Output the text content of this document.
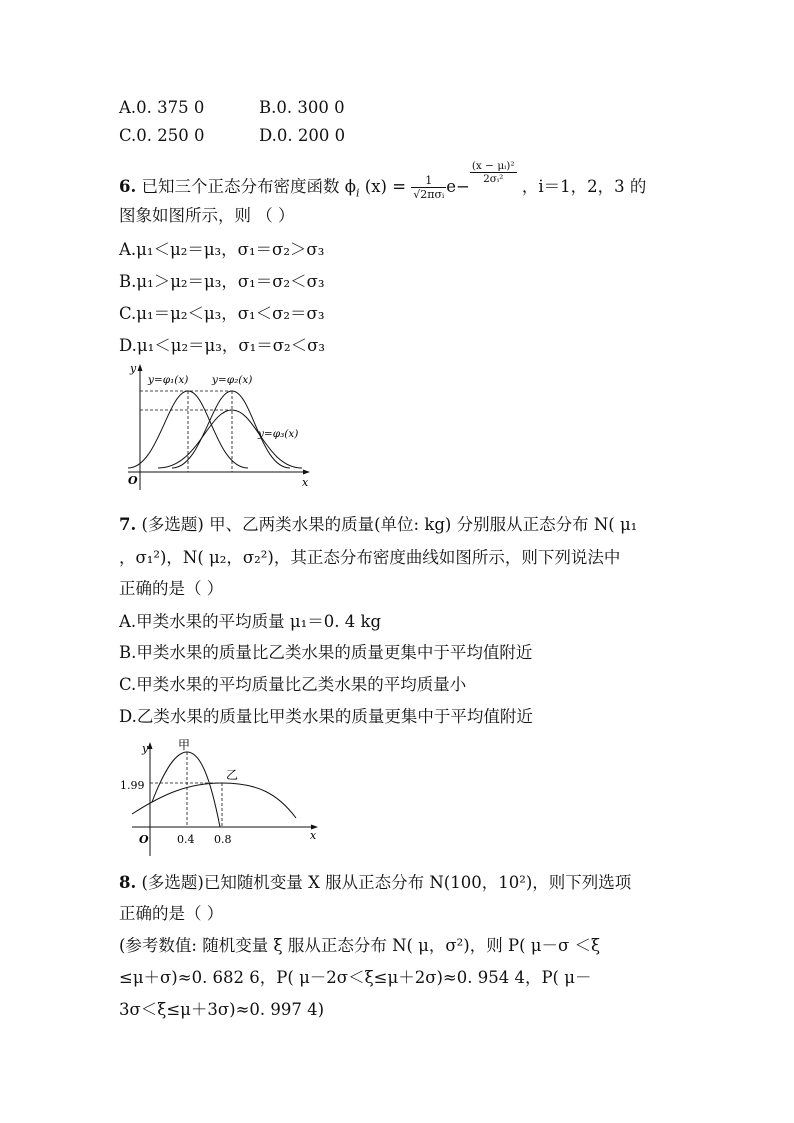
A.0. 375 0	B.0. 300 0
C.0. 250 0	D.0. 200 0
6. 已知三个正态分布密度函数 $\phi_i$ $(x) = \frac{1}{\text{√2πσᵢ}} e-$
$\frac{\text{(x − μᵢ)²}}{\text{2σᵢ²}}$
，i＝1，2，3 的
图象如图所示，则 （ ）
A.μ₁＜μ₂＝μ₃，σ₁＝σ₂＞σ₃
B.μ₁＞μ₂＝μ₃，σ₁＝σ₂＜σ₃
C.μ₁＝μ₂＜μ₃，σ₁＜σ₂＝σ₃
D.μ₁＜μ₂＝μ₃，σ₁＝σ₂＜σ₃
y
x
O
y=φ₁(x) y=φ₂(x)
y=φ₃(x)
7. (多选题) 甲、乙两类水果的质量(单位: kg) 分别服从正态分布 N( μ₁
，σ₁²)，N( μ₂，σ₂²)，其正态分布密度曲线如图所示，则下列说法中
正确的是（ ）
A.甲类水果的平均质量 μ₁＝0. 4 kg
B.甲类水果的质量比乙类水果的质量更集中于平均值附近
C.甲类水果的平均质量比乙类水果的平均质量小
D.乙类水果的质量比甲类水果的质量更集中于平均值附近
y
x
O
1.99
0.4 0.8
甲
乙
8. (多选题)已知随机变量 X 服从正态分布 N(100，10²)，则下列选项
正确的是（ ）
(参考数值: 随机变量 ξ 服从正态分布 N( μ，σ²)，则 P( μ－σ ＜ξ
≤μ＋σ)≈0. 682 6，P( μ－2σ＜ξ≤μ＋2σ)≈0. 954 4，P( μ－
3σ＜ξ≤μ＋3σ)≈0. 997 4)
